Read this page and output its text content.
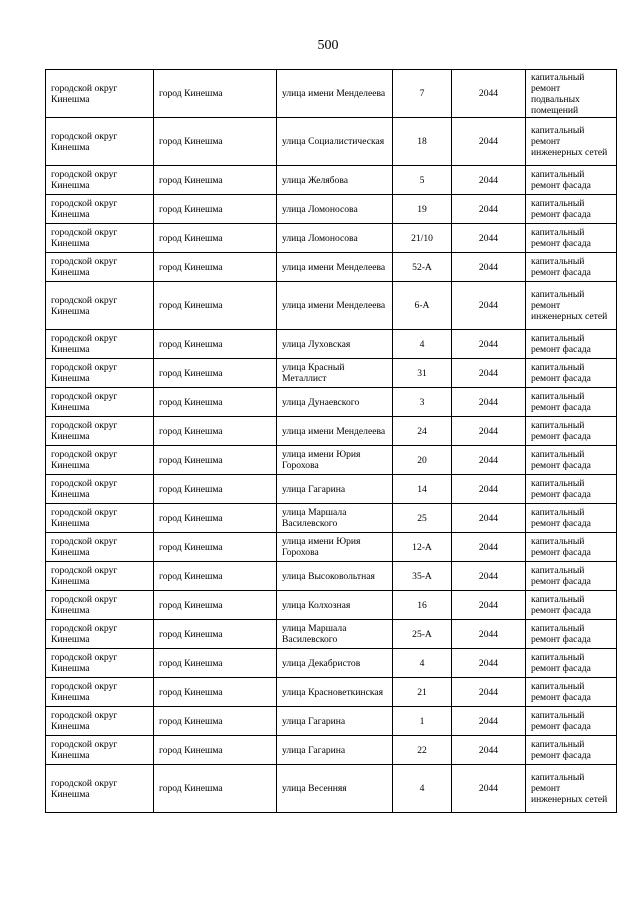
500
городской округ Кинешма	город Кинешма	улица имени Менделеева	7	2044	капитальный ремонт подвальных помещений
городской округ Кинешма	город Кинешма	улица Социалистическая	18	2044	капитальный ремонт инженерных сетей
городской округ Кинешма	город Кинешма	улица Желябова	5	2044	капитальный ремонт фасада
городской округ Кинешма	город Кинешма	улица Ломоносова	19	2044	капитальный ремонт фасада
городской округ Кинешма	город Кинешма	улица Ломоносова	21/10	2044	капитальный ремонт фасада
городской округ Кинешма	город Кинешма	улица имени Менделеева	52-А	2044	капитальный ремонт фасада
городской округ Кинешма	город Кинешма	улица имени Менделеева	6-А	2044	капитальный ремонт инженерных сетей
городской округ Кинешма	город Кинешма	улица Луховская	4	2044	капитальный ремонт фасада
городской округ Кинешма	город Кинешма	улица Красный Металлист	31	2044	капитальный ремонт фасада
городской округ Кинешма	город Кинешма	улица Дунаевского	3	2044	капитальный ремонт фасада
городской округ Кинешма	город Кинешма	улица имени Менделеева	24	2044	капитальный ремонт фасада
городской округ Кинешма	город Кинешма	улица имени Юрия Горохова	20	2044	капитальный ремонт фасада
городской округ Кинешма	город Кинешма	улица Гагарина	14	2044	капитальный ремонт фасада
городской округ Кинешма	город Кинешма	улица Маршала Василевского	25	2044	капитальный ремонт фасада
городской округ Кинешма	город Кинешма	улица имени Юрия Горохова	12-А	2044	капитальный ремонт фасада
городской округ Кинешма	город Кинешма	улица Высоковольтная	35-А	2044	капитальный ремонт фасада
городской округ Кинешма	город Кинешма	улица Колхозная	16	2044	капитальный ремонт фасада
городской округ Кинешма	город Кинешма	улица Маршала Василевского	25-А	2044	капитальный ремонт фасада
городской округ Кинешма	город Кинешма	улица Декабристов	4	2044	капитальный ремонт фасада
городской округ Кинешма	город Кинешма	улица Красноветкинская	21	2044	капитальный ремонт фасада
городской округ Кинешма	город Кинешма	улица Гагарина	1	2044	капитальный ремонт фасада
городской округ Кинешма	город Кинешма	улица Гагарина	22	2044	капитальный ремонт фасада
городской округ Кинешма	город Кинешма	улица Весенняя	4	2044	капитальный ремонт инженерных сетей
